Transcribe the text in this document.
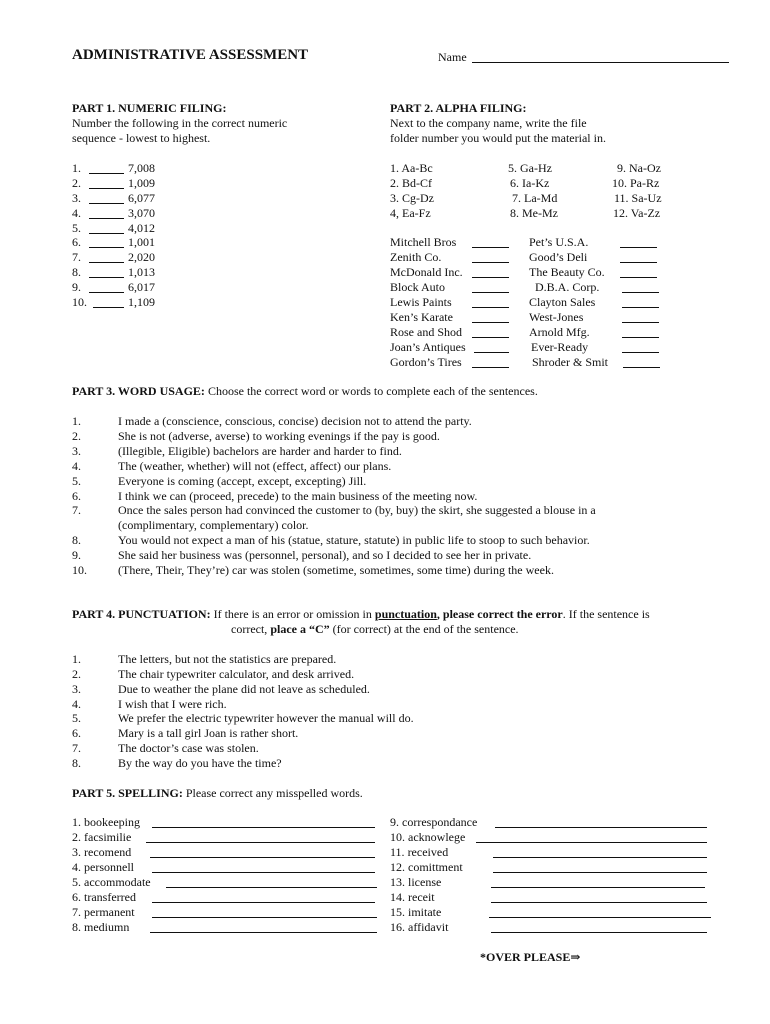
ADMINISTRATIVE ASSESSMENT	Name
PART 1. NUMERIC FILING:
Number the following in the correct numeric
sequence - lowest to highest.
1.	7,008
2.	1,009
3.	6,077
4.	3,070
5.	4,012
6.	1,001
7.	2,020
8.	1,013
9.	6,017
10.	1,109
PART 2. ALPHA FILING:
Next to the company name, write the file
folder number you would put the material in.
1. Aa-Bc
2. Bd-Cf
3. Cg-Dz
4, Ea-Fz
5. Ga-Hz
6. Ia-Kz
7. La-Md
8. Me-Mz
9. Na-Oz
10. Pa-Rz
11. Sa-Uz
12. Va-Zz
Mitchell Bros
Zenith Co.
McDonald Inc.
Block Auto
Lewis Paints
Ken’s Karate
Rose and Shod
Joan’s Antiques
Gordon’s Tires
Pet’s U.S.A.
Good’s Deli
The Beauty Co.
D.B.A. Corp.
Clayton Sales
West-Jones
Arnold Mfg.
Ever-Ready
Shroder & Smit
PART 3. WORD USAGE: Choose the correct word or words to complete each of the sentences.
1.	I made a (conscience, conscious, concise) decision not to attend the party.
2.	She is not (adverse, averse) to working evenings if the pay is good.
3.	(Illegible, Eligible) bachelors are harder and harder to find.
4.	The (weather, whether) will not (effect, affect) our plans.
5.	Everyone is coming (accept, except, excepting) Jill.
6.	I think we can (proceed, precede) to the main business of the meeting now.
7.	Once the sales person had convinced the customer to (by, buy) the skirt, she suggested a blouse in a
(complimentary, complementary) color.
8.	You would not expect a man of his (statue, stature, statute) in public life to stoop to such behavior.
9.	She said her business was (personnel, personal), and so I decided to see her in private.
10.	(There, Their, They’re) car was stolen (sometime, sometimes, some time) during the week.
PART 4. PUNCTUATION: If there is an error or omission in punctuation, please correct the error. If the sentence is
correct, place a “C” (for correct) at the end of the sentence.
1.	The letters, but not the statistics are prepared.
2.	The chair typewriter calculator, and desk arrived.
3.	Due to weather the plane did not leave as scheduled.
4.	I wish that I were rich.
5.	We prefer the electric typewriter however the manual will do.
6.	Mary is a tall girl Joan is rather short.
7.	The doctor’s case was stolen.
8.	By the way do you have the time?
PART 5. SPELLING: Please correct any misspelled words.
1. bookeeping
2. facsimilie
3. recomend
4. personnell
5. accommodate
6. transferred
7. permanent
8. mediumn
9. correspondance
10. acknowlege
11. received
12. comittment
13. license
14. receit
15. imitate
16. affidavit
*OVER PLEASE⇒
